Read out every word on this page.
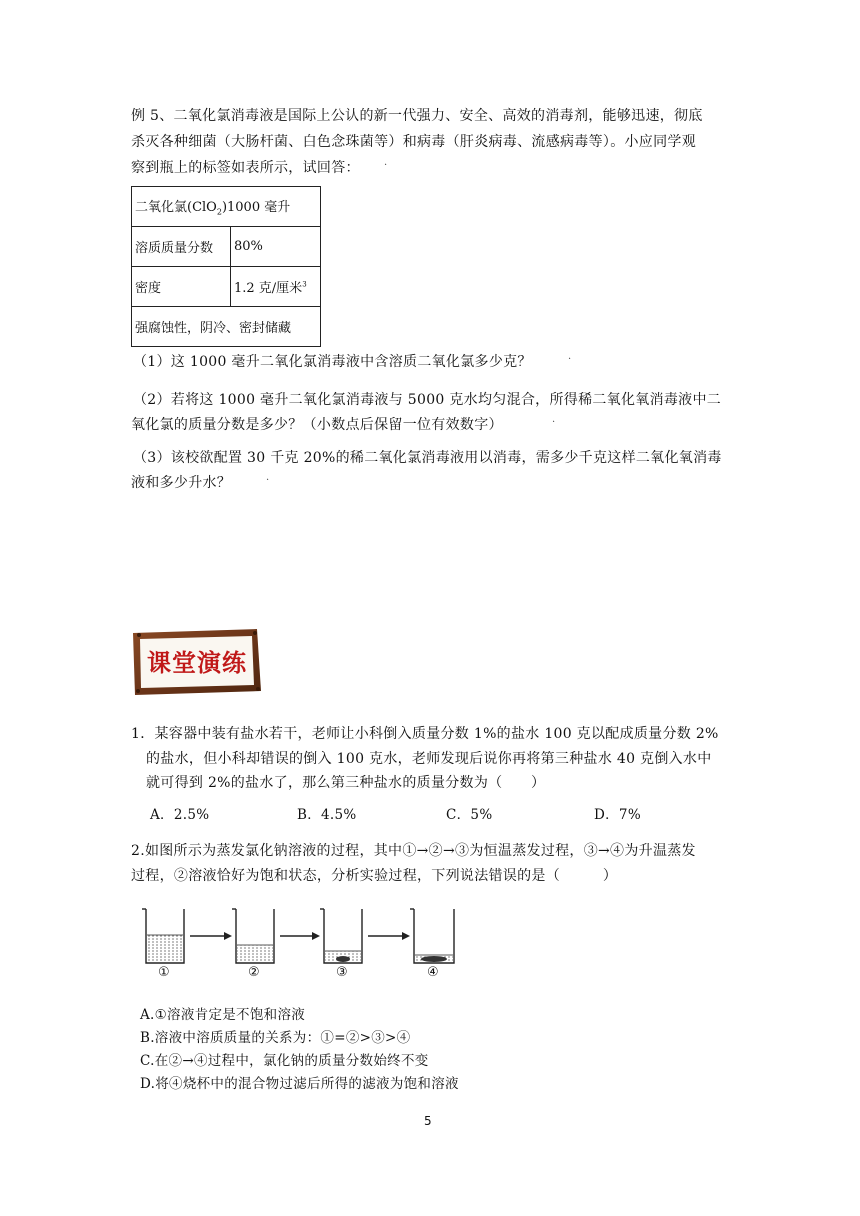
例 5、二氧化氯消毒液是国际上公认的新一代强力、安全、高效的消毒剂，能够迅速，彻底
杀灭各种细菌（大肠杆菌、白色念珠菌等）和病毒（肝炎病毒、流感病毒等）。小应同学观
察到瓶上的标签如表所示，试回答： ·
二氧化氯(ClO$_2$)1000 毫升	
溶质质量分数	80%
密度	1.2 克/厘米$^3$
强腐蚀性，阴冷、密封储藏	
（1）这 1000 毫升二氧化氯消毒液中含溶质二氧化氯多少克？	·
（2）若将这 1000 毫升二氧化氯消毒液与 5000 克水均匀混合，所得稀二氧化氧消毒液中二
氧化氯的质量分数是多少？（小数点后保留一位有效数字）	·
（3）该校欲配置 30 千克 20%的稀二氧化氯消毒液用以消毒，需多少千克这样二氧化氧消毒
液和多少升水？	·
课堂演练
1．某容器中装有盐水若干，老师让小科倒入质量分数 1%的盐水 100 克以配成质量分数 2%
的盐水，但小科却错误的倒入 100 克水，老师发现后说你再将第三种盐水 40 克倒入水中
就可得到 2%的盐水了，那么第三种盐水的质量分数为（　　）
A．2.5%	B．4.5%	C．5%	D．7%
2.如图所示为蒸发氯化钠溶液的过程，其中①→②→③为恒温蒸发过程，③→④为升温蒸发
过程，②溶液恰好为饱和状态，分析实验过程，下列说法错误的是（　　　）
①	②	③	④
A.①溶液肯定是不饱和溶液
B.溶液中溶质质量的关系为：①=②>③>④
C.在②→④过程中，氯化钠的质量分数始终不变
D.将④烧杯中的混合物过滤后所得的滤液为饱和溶液
5
